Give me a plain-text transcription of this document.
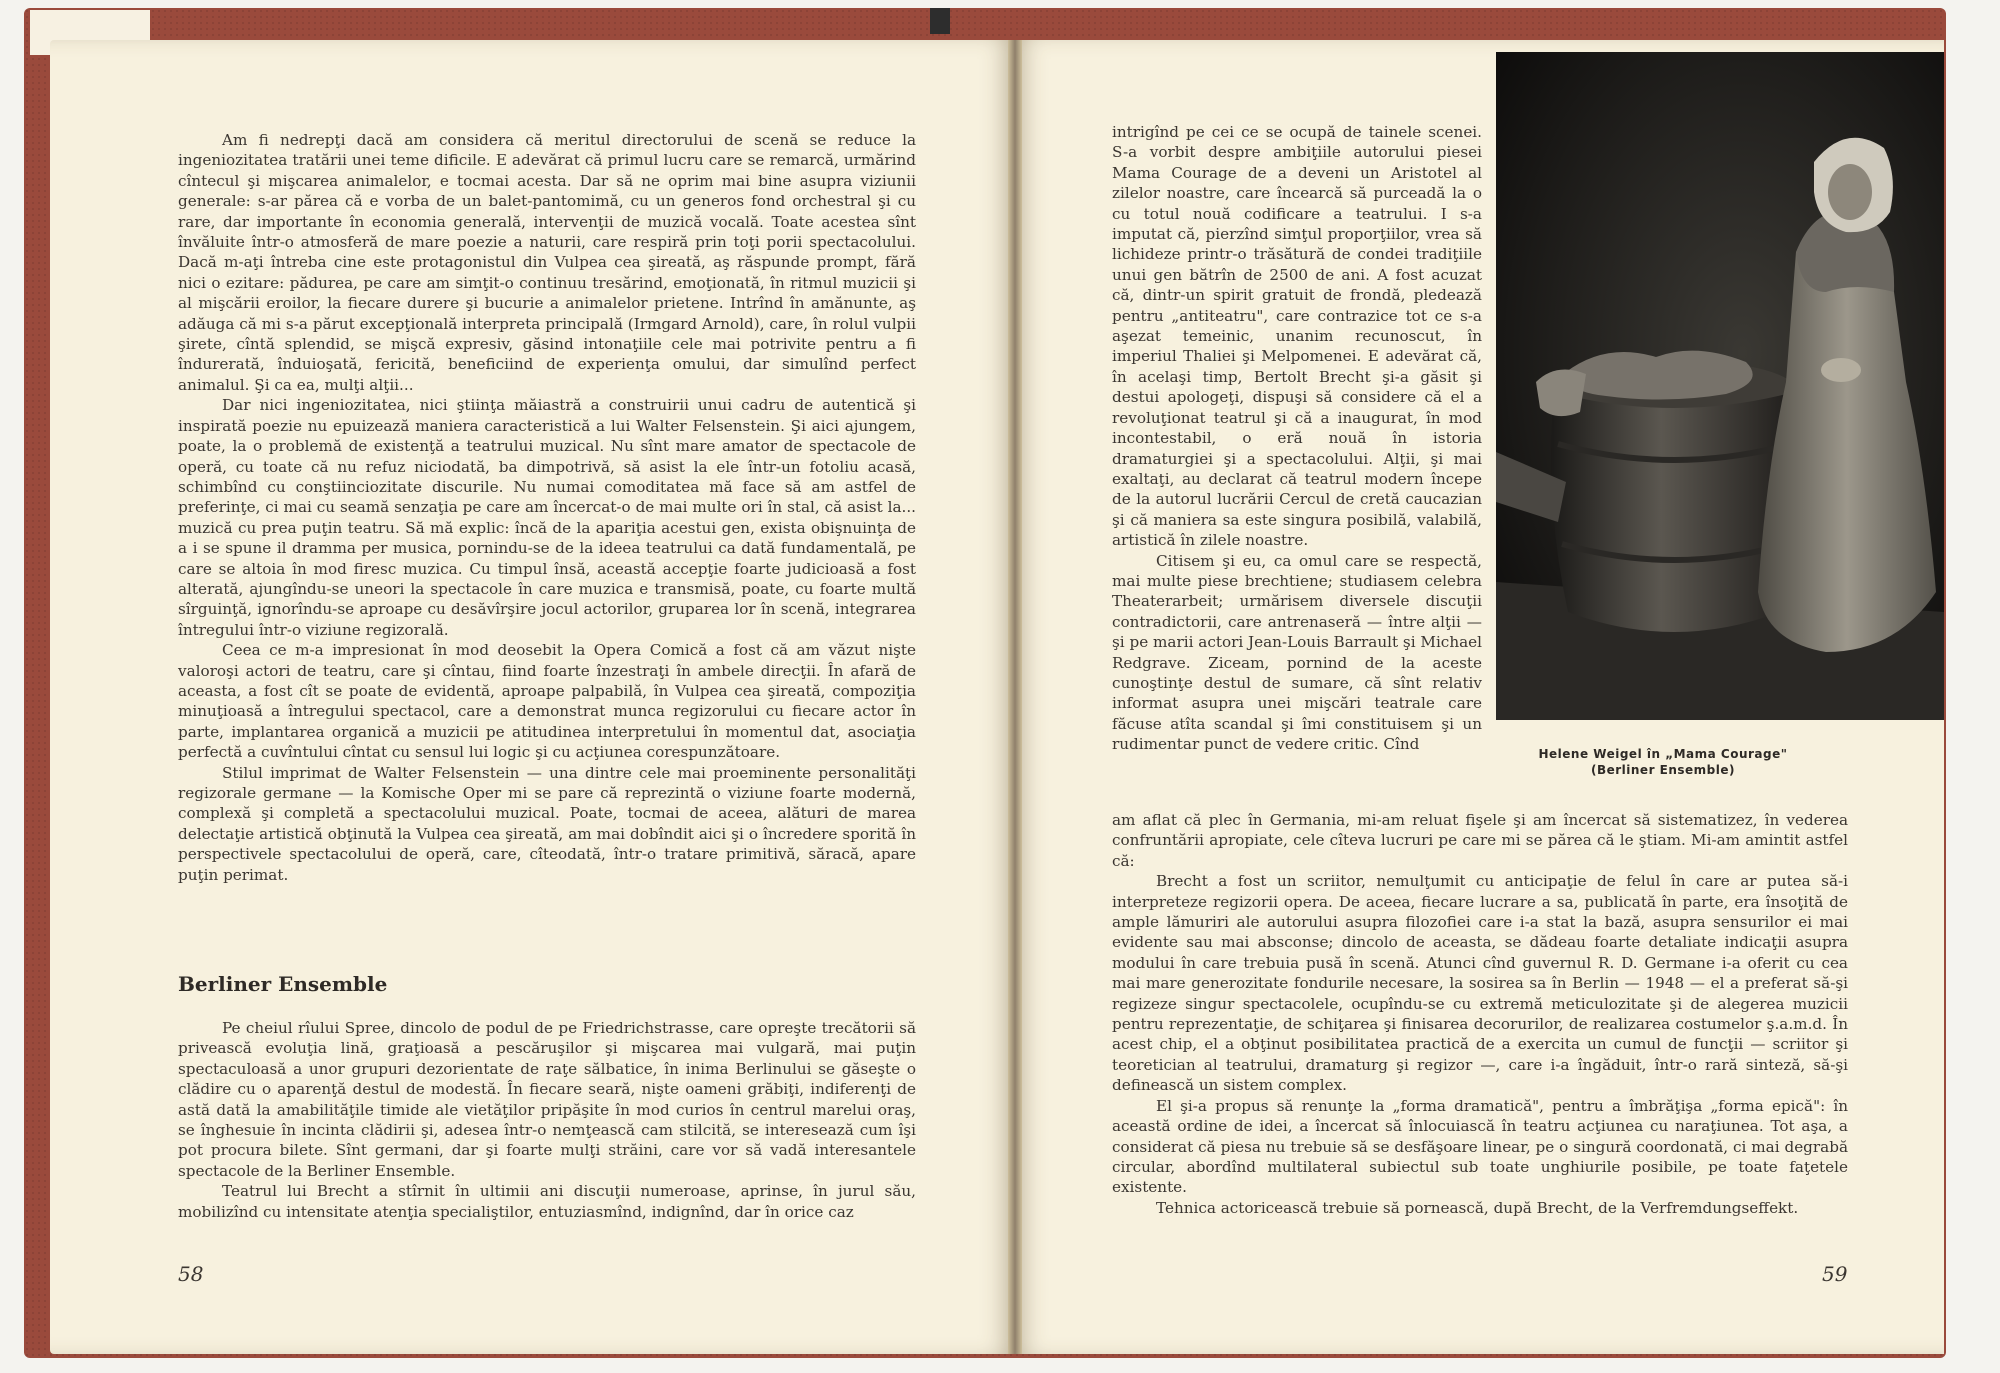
Am fi nedrepţi dacă am considera că meritul directorului de scenă se reduce la ingeniozitatea tratării unei teme dificile. E adevărat că primul lucru care se remarcă, urmărind cîntecul şi mişcarea animalelor, e tocmai acesta. Dar să ne oprim mai bine asupra viziunii generale: s-ar părea că e vorba de un balet-pantomimă, cu un generos fond orchestral şi cu rare, dar importante în economia generală, intervenţii de muzică vocală. Toate acestea sînt învăluite într-o atmosferă de mare poezie a naturii, care respiră prin toţi porii spectacolului. Dacă m-aţi întreba cine este protagonistul din Vulpea cea şireată, aş răspunde prompt, fără nici o ezitare: pădurea, pe care am simţit-o continuu tresărind, emoţionată, în ritmul muzicii şi al mişcării eroilor, la fiecare durere şi bucurie a animalelor prietene. Intrînd în amănunte, aş adăuga că mi s-a părut excepţională interpreta principală (Irmgard Arnold), care, în rolul vulpii şirete, cîntă splendid, se mişcă expresiv, găsind intonaţiile cele mai potrivite pentru a fi îndurerată, înduioşată, fericită, beneficiind de experienţa omului, dar simulînd perfect animalul. Şi ca ea, mulţi alţii...

Dar nici ingeniozitatea, nici ştiinţa măiastră a construirii unui cadru de autentică şi inspirată poezie nu epuizează maniera caracteristică a lui Walter Felsenstein. Şi aici ajungem, poate, la o problemă de existenţă a teatrului muzical. Nu sînt mare amator de spectacole de operă, cu toate că nu refuz niciodată, ba dimpotrivă, să asist la ele într-un fotoliu acasă, schimbînd cu conştiinciozitate discurile. Nu numai comoditatea mă face să am astfel de preferinţe, ci mai cu seamă senzaţia pe care am încercat-o de mai multe ori în stal, că asist la... muzică cu prea puţin teatru. Să mă explic: încă de la apariţia acestui gen, exista obişnuinţa de a i se spune il dramma per musica, pornindu-se de la ideea teatrului ca dată fundamentală, pe care se altoia în mod firesc muzica. Cu timpul însă, această accepţie foarte judicioasă a fost alterată, ajungîndu-se uneori la spectacole în care muzica e transmisă, poate, cu foarte multă sîrguinţă, ignorîndu-se aproape cu desăvîrşire jocul actorilor, gruparea lor în scenă, integrarea întregului într-o viziune regizorală.

Ceea ce m-a impresionat în mod deosebit la Opera Comică a fost că am văzut nişte valoroşi actori de teatru, care şi cîntau, fiind foarte înzestraţi în ambele direcţii. În afară de aceasta, a fost cît se poate de evidentă, aproape palpabilă, în Vulpea cea şireată, compoziţia minuţioasă a întregului spectacol, care a demonstrat munca regizorului cu fiecare actor în parte, implantarea organică a muzicii pe atitudinea interpretului în momentul dat, asociaţia perfectă a cuvîntului cîntat cu sensul lui logic şi cu acţiunea corespunzătoare.

Stilul imprimat de Walter Felsenstein — una dintre cele mai proeminente personalităţi regizorale germane — la Komische Oper mi se pare că reprezintă o viziune foarte modernă, complexă şi completă a spectacolului muzical. Poate, tocmai de aceea, alături de marea delectaţie artistică obţinută la Vulpea cea şireată, am mai dobîndit aici şi o încredere sporită în perspectivele spectacolului de operă, care, cîteodată, într-o tratare primitivă, săracă, apare puţin perimat.

Berliner Ensemble

Pe cheiul rîului Spree, dincolo de podul de pe Friedrichstrasse, care opreşte trecătorii să privească evoluţia lină, graţioasă a pescăruşilor şi mişcarea mai vulgară, mai puţin spectaculoasă a unor grupuri dezorientate de raţe sălbatice, în inima Berlinului se găseşte o clădire cu o aparenţă destul de modestă. În fiecare seară, nişte oameni grăbiţi, indiferenţi de astă dată la amabilităţile timide ale vietăţilor pripăşite în mod curios în centrul marelui oraş, se înghesuie în incinta clădirii şi, adesea într-o nemţească cam stilcită, se interesează cum îşi pot procura bilete. Sînt germani, dar şi foarte mulţi străini, care vor să vadă interesantele spectacole de la Berliner Ensemble.

Teatrul lui Brecht a stîrnit în ultimii ani discuţii numeroase, aprinse, în jurul său, mobilizînd cu intensitate atenţia specialiştilor, entuziasmînd, indignînd, dar în orice caz

58

intrigînd pe cei ce se ocupă de tainele scenei. S-a vorbit despre ambiţiile autorului piesei Mama Courage de a deveni un Aristotel al zilelor noastre, care încearcă să purceadă la o cu totul nouă codificare a teatrului. I s-a imputat că, pierzînd simţul proporţiilor, vrea să lichideze printr-o trăsătură de condei tradiţiile unui gen bătrîn de 2500 de ani. A fost acuzat că, dintr-un spirit gratuit de frondă, pledează pentru „antiteatru", care contrazice tot ce s-a aşezat temeinic, unanim recunoscut, în imperiul Thaliei şi Melpomenei. E adevărat că, în acelaşi timp, Bertolt Brecht şi-a găsit şi destui apologeţi, dispuşi să considere că el a revoluţionat teatrul şi că a inaugurat, în mod incontestabil, o eră nouă în istoria dramaturgiei şi a spectacolului. Alţii, şi mai exaltaţi, au declarat că teatrul modern începe de la autorul lucrării Cercul de cretă caucazian şi că maniera sa este singura posibilă, valabilă, artistică în zilele noastre.

Citisem şi eu, ca omul care se respectă, mai multe piese brechtiene; studiasem celebra Theaterarbeit; urmărisem diversele discuţii contradictorii, care antrenaseră — între alţii — şi pe marii actori Jean-Louis Barrault şi Michael Redgrave. Ziceam, pornind de la aceste cunoştinţe destul de sumare, că sînt relativ informat asupra unei mişcări teatrale care făcuse atîta scandal şi îmi constituisem şi un rudimentar punct de vedere critic. Cînd

am aflat că plec în Germania, mi-am reluat fişele şi am încercat să sistematizez, în vederea confruntării apropiate, cele cîteva lucruri pe care mi se părea că le ştiam. Mi-am amintit astfel că:

Brecht a fost un scriitor, nemulţumit cu anticipaţie de felul în care ar putea să-i interpreteze regizorii opera. De aceea, fiecare lucrare a sa, publicată în parte, era însoţită de ample lămuriri ale autorului asupra filozofiei care i-a stat la bază, asupra sensurilor ei mai evidente sau mai absconse; dincolo de aceasta, se dădeau foarte detaliate indicaţii asupra modului în care trebuia pusă în scenă. Atunci cînd guvernul R. D. Germane i-a oferit cu cea mai mare generozitate fondurile necesare, la sosirea sa în Berlin — 1948 — el a preferat să-şi regizeze singur spectacolele, ocupîndu-se cu extremă meticulozitate şi de alegerea muzicii pentru reprezentaţie, de schiţarea şi finisarea decorurilor, de realizarea costumelor ş.a.m.d. În acest chip, el a obţinut posibilitatea practică de a exercita un cumul de funcţii — scriitor şi teoretician al teatrului, dramaturg şi regizor —, care i-a îngăduit, într-o rară sinteză, să-şi definească un sistem complex.

El şi-a propus să renunţe la „forma dramatică", pentru a îmbrăţişa „forma epică": în această ordine de idei, a încercat să înlocuiască în teatru acţiunea cu naraţiunea. Tot aşa, a considerat că piesa nu trebuie să se desfăşoare linear, pe o singură coordonată, ci mai degrabă circular, abordînd multilateral subiectul sub toate unghiurile posibile, pe toate faţetele existente.

Tehnica actoricească trebuie să pornească, după Brecht, de la Verfremdungseffekt.

Helene Weigel în „Mama Courage"
(Berliner Ensemble)
59
